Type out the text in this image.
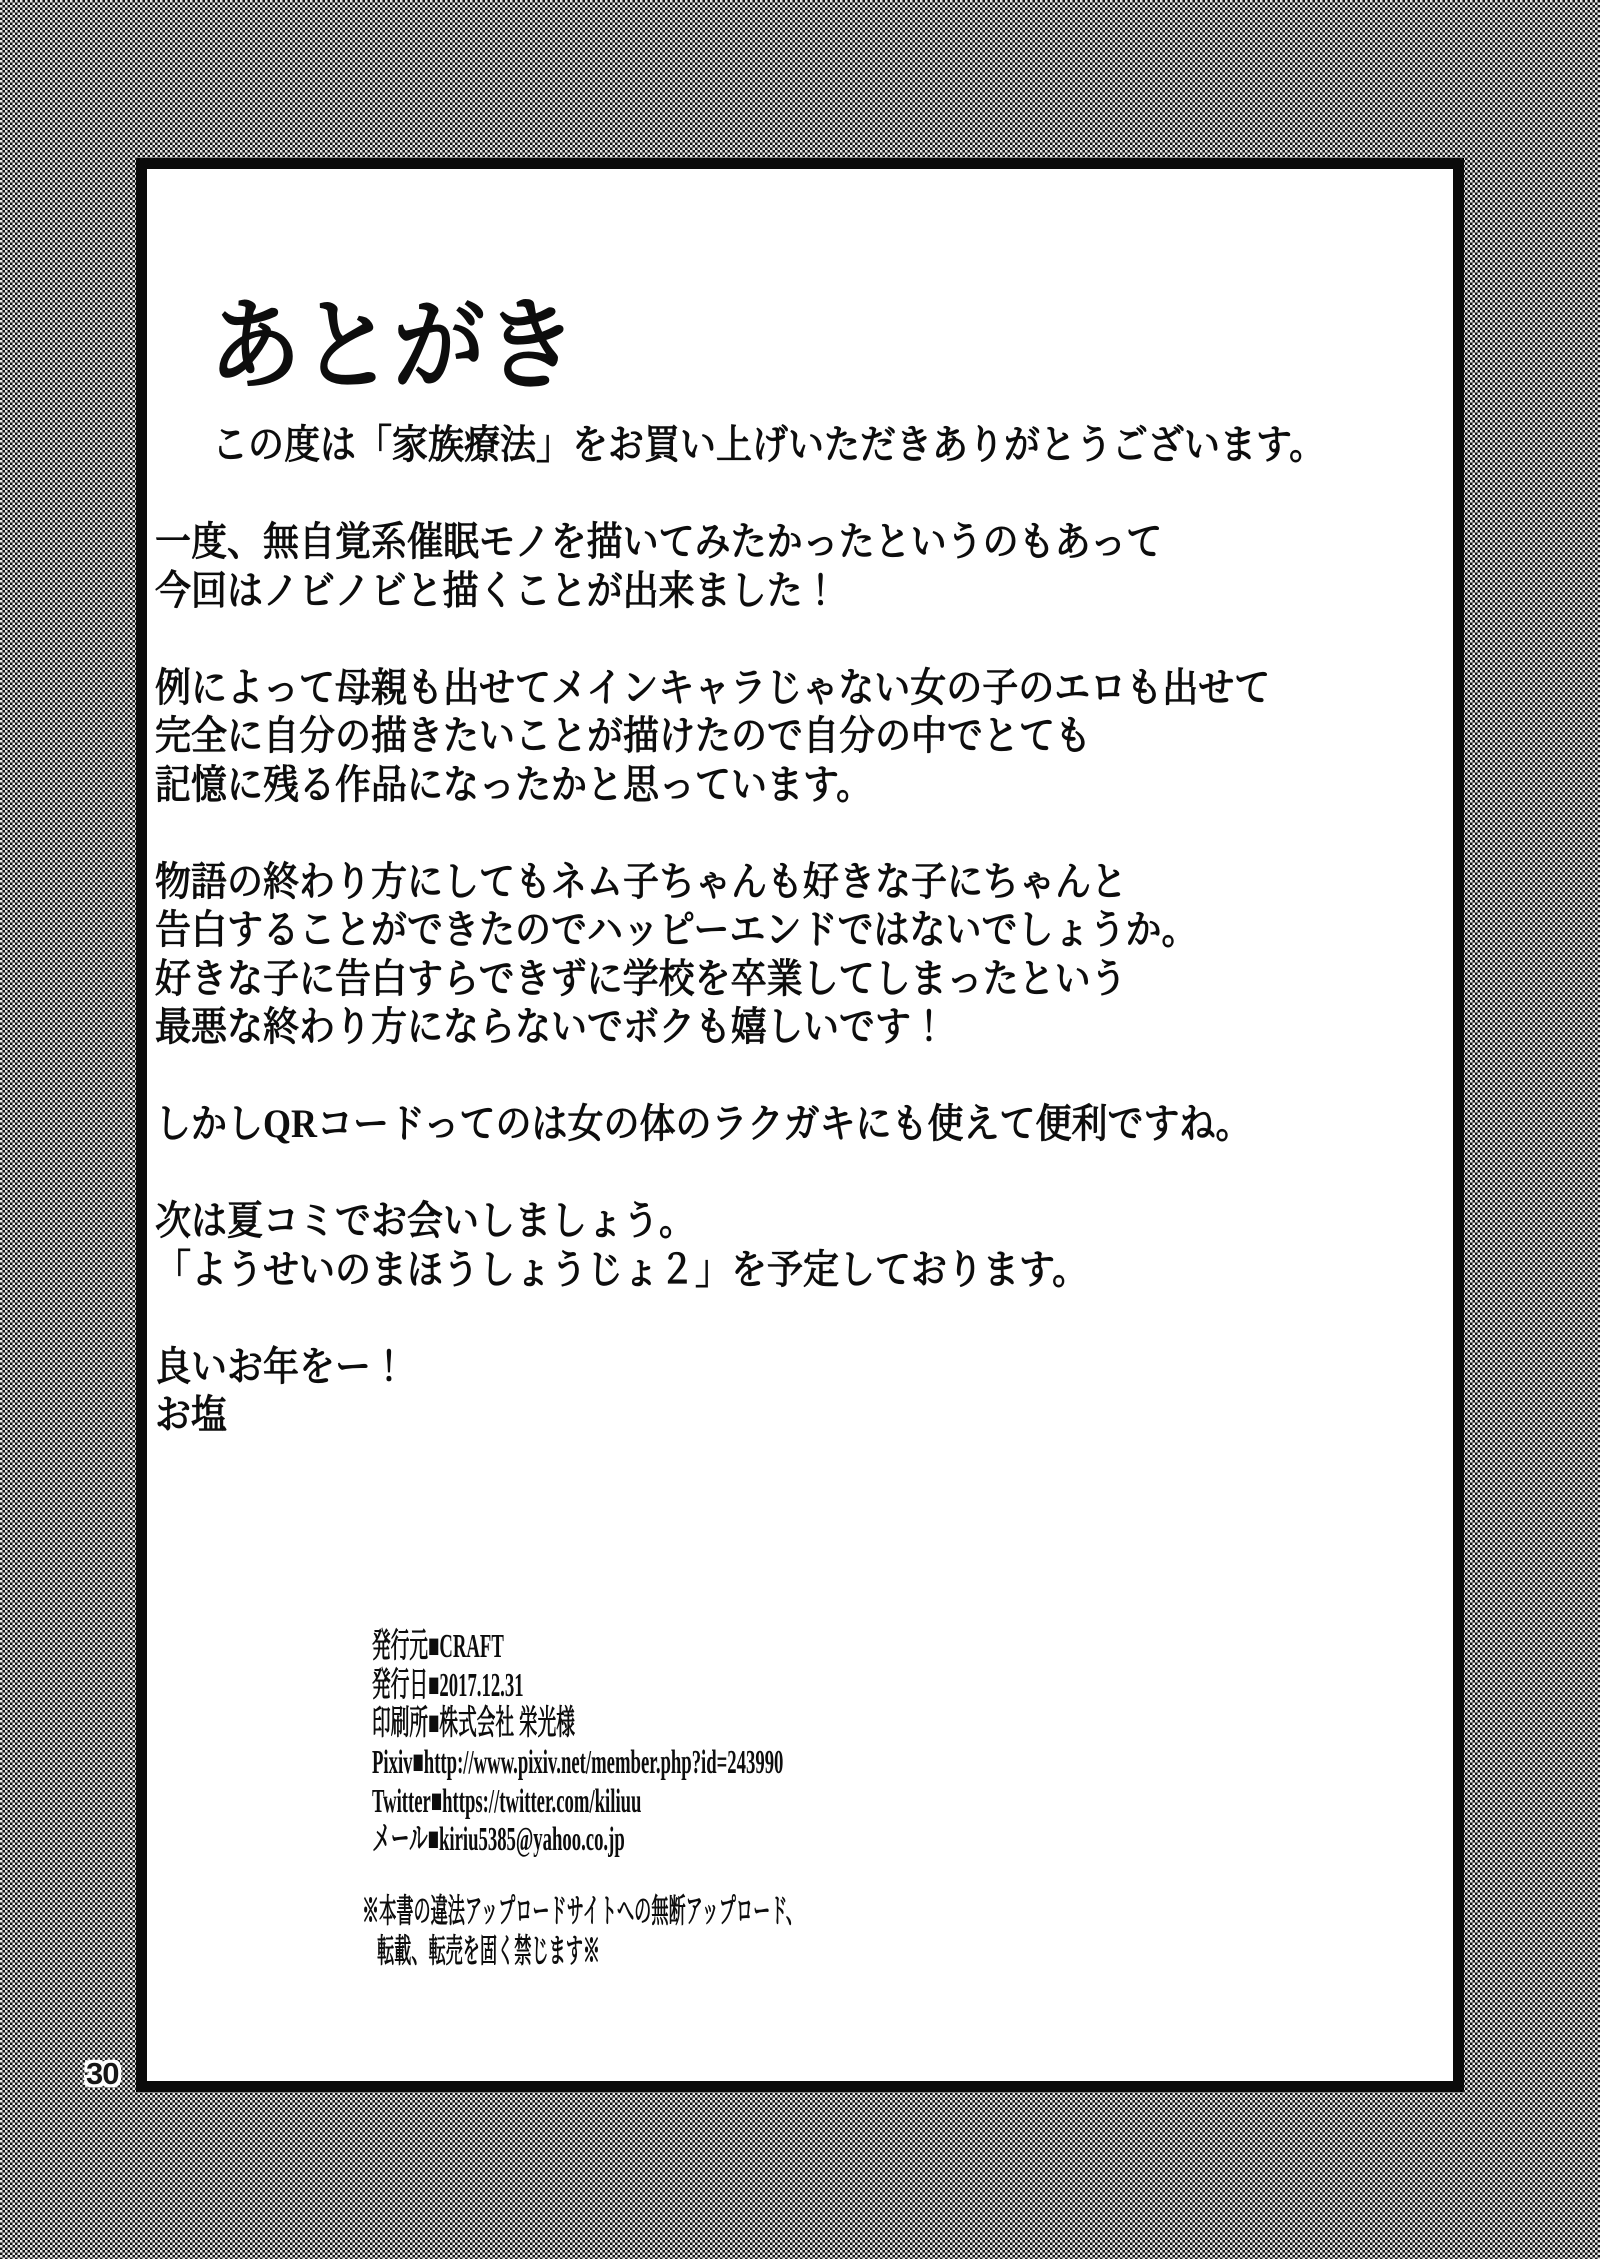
あとがき
この度は「家族療法」をお買い上げいただきありがとうございます。
一度、無自覚系催眠モノを描いてみたかったというのもあって
今回はノビノビと描くことが出来ました！
例によって母親も出せてメインキャラじゃない女の子のエロも出せて
完全に自分の描きたいことが描けたので自分の中でとても
記憶に残る作品になったかと思っています。
物語の終わり方にしてもネム子ちゃんも好きな子にちゃんと
告白することができたのでハッピーエンドではないでしょうか。
好きな子に告白すらできずに学校を卒業してしまったという
最悪な終わり方にならないでボクも嬉しいです！
しかしQRコードってのは女の体のラクガキにも使えて便利ですね。
次は夏コミでお会いしましょう。
「ようせいのまほうしょうじょ２」を予定しております。
良いお年をー！
お塩
発行元■CRAFT
発行日■2017.12.31
印刷所■株式会社 栄光様
Pixiv■http://www.pixiv.net/member.php?id=243990
Twitter■https://twitter.com/kiliuu
メール■kiriu5385@yahoo.co.jp
※本書の違法アップロードサイトへの無断アップロード、
転載、転売を固く禁じます※
30
